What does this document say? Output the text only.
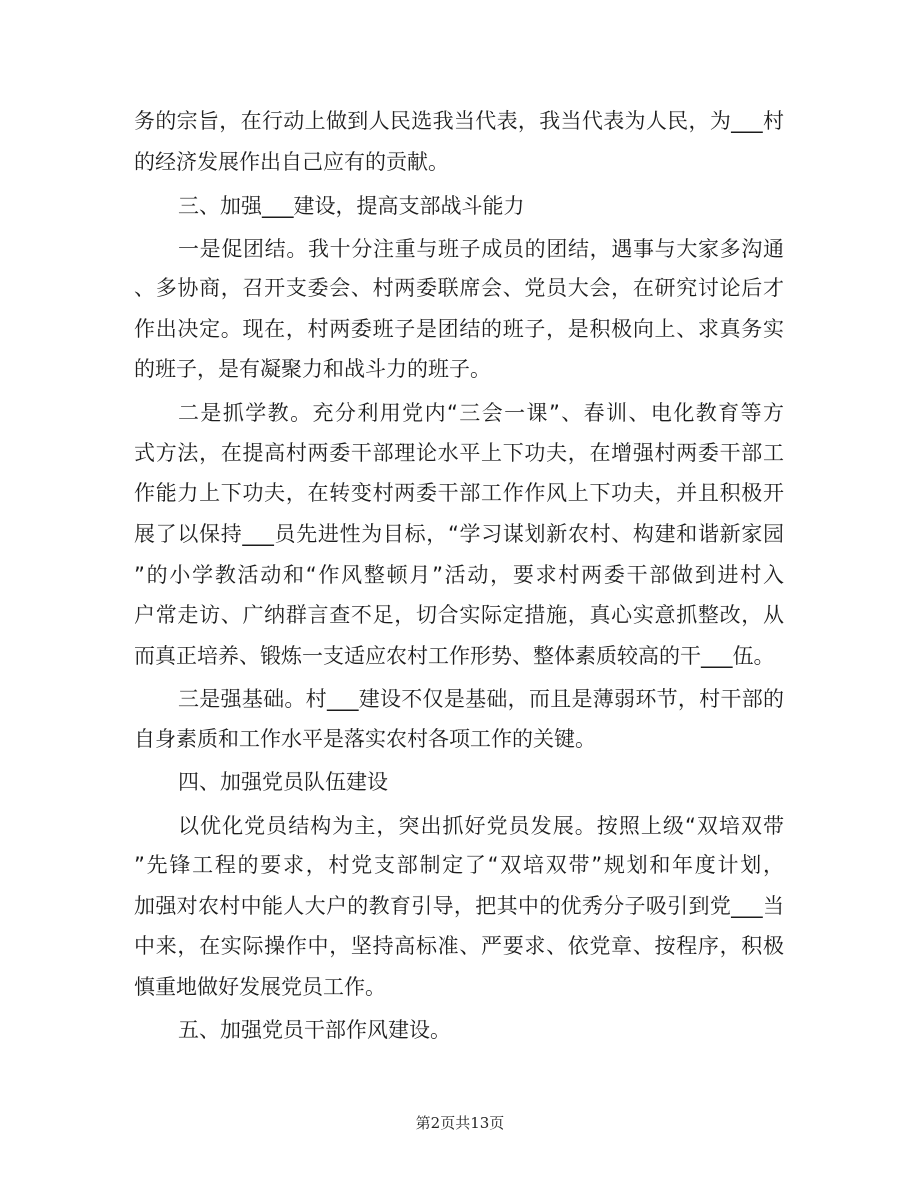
务的宗旨，在行动上做到人民选我当代表，我当代表为人民，为___村
的经济发展作出自己应有的贡献。
三、加强___建设，提高支部战斗能力
一是促团结。我十分注重与班子成员的团结，遇事与大家多沟通
、多协商，召开支委会、村两委联席会、党员大会，在研究讨论后才
作出决定。现在，村两委班子是团结的班子，是积极向上、求真务实
的班子，是有凝聚力和战斗力的班子。
二是抓学教。充分利用党内“三会一课”、春训、电化教育等方
式方法，在提高村两委干部理论水平上下功夫，在增强村两委干部工
作能力上下功夫，在转变村两委干部工作作风上下功夫，并且积极开
展了以保持___员先进性为目标，“学习谋划新农村、构建和谐新家园
”的小学教活动和“作风整顿月”活动，要求村两委干部做到进村入
户常走访、广纳群言查不足，切合实际定措施，真心实意抓整改，从
而真正培养、锻炼一支适应农村工作形势、整体素质较高的干___伍。
三是强基础。村___建设不仅是基础，而且是薄弱环节，村干部的
自身素质和工作水平是落实农村各项工作的关键。
四、加强党员队伍建设
以优化党员结构为主，突出抓好党员发展。按照上级“双培双带
”先锋工程的要求，村党支部制定了“双培双带”规划和年度计划，
加强对农村中能人大户的教育引导，把其中的优秀分子吸引到党___当
中来，在实际操作中，坚持高标准、严要求、依党章、按程序，积极
慎重地做好发展党员工作。
五、加强党员干部作风建设。
第2页共13页
